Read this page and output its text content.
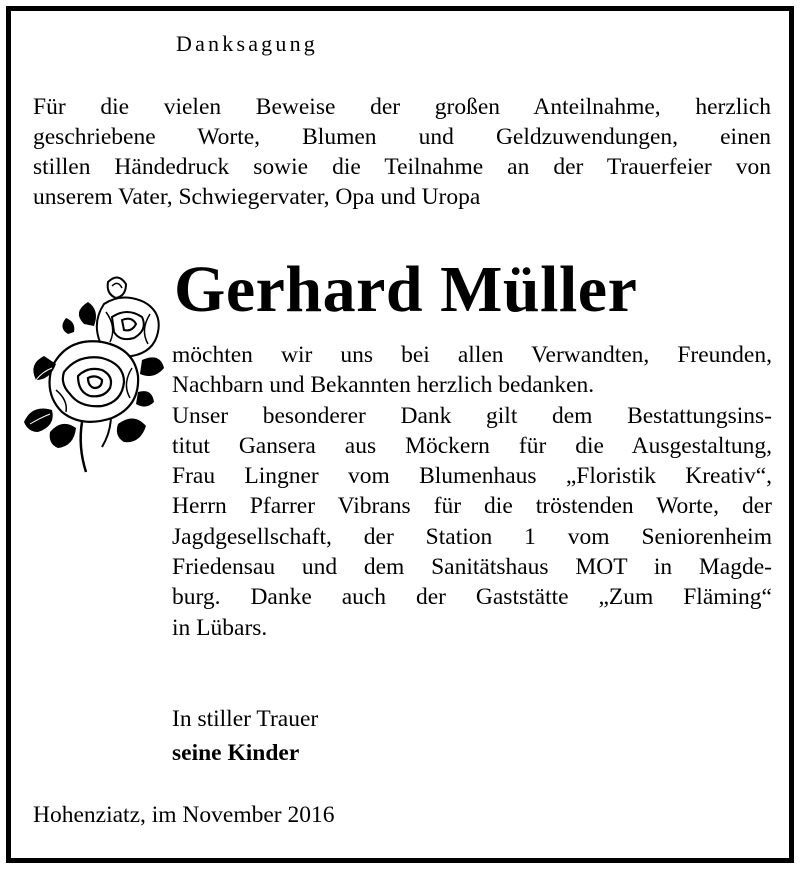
Danksagung
Für die vielen Beweise der großen Anteilnahme, herzlich
geschriebene Worte, Blumen und Geldzuwendungen, einen
stillen Händedruck sowie die Teilnahme an der Trauerfeier von
unserem Vater, Schwiegervater, Opa und Uropa
Gerhard Müller
möchten wir uns bei allen Verwandten, Freunden,
Nachbarn und Bekannten herzlich bedanken.
Unser besonderer Dank gilt dem Bestattungsins-
titut Gansera aus Möckern für die Ausgestaltung,
Frau Lingner vom Blumenhaus „Floristik Kreativ“,
Herrn Pfarrer Vibrans für die tröstenden Worte, der
Jagdgesellschaft, der Station 1 vom Seniorenheim
Friedensau und dem Sanitätshaus MOT in Magde-
burg. Danke auch der Gaststätte „Zum Fläming“
in Lübars.
In stiller Trauer
seine Kinder
Hohenziatz, im November 2016
